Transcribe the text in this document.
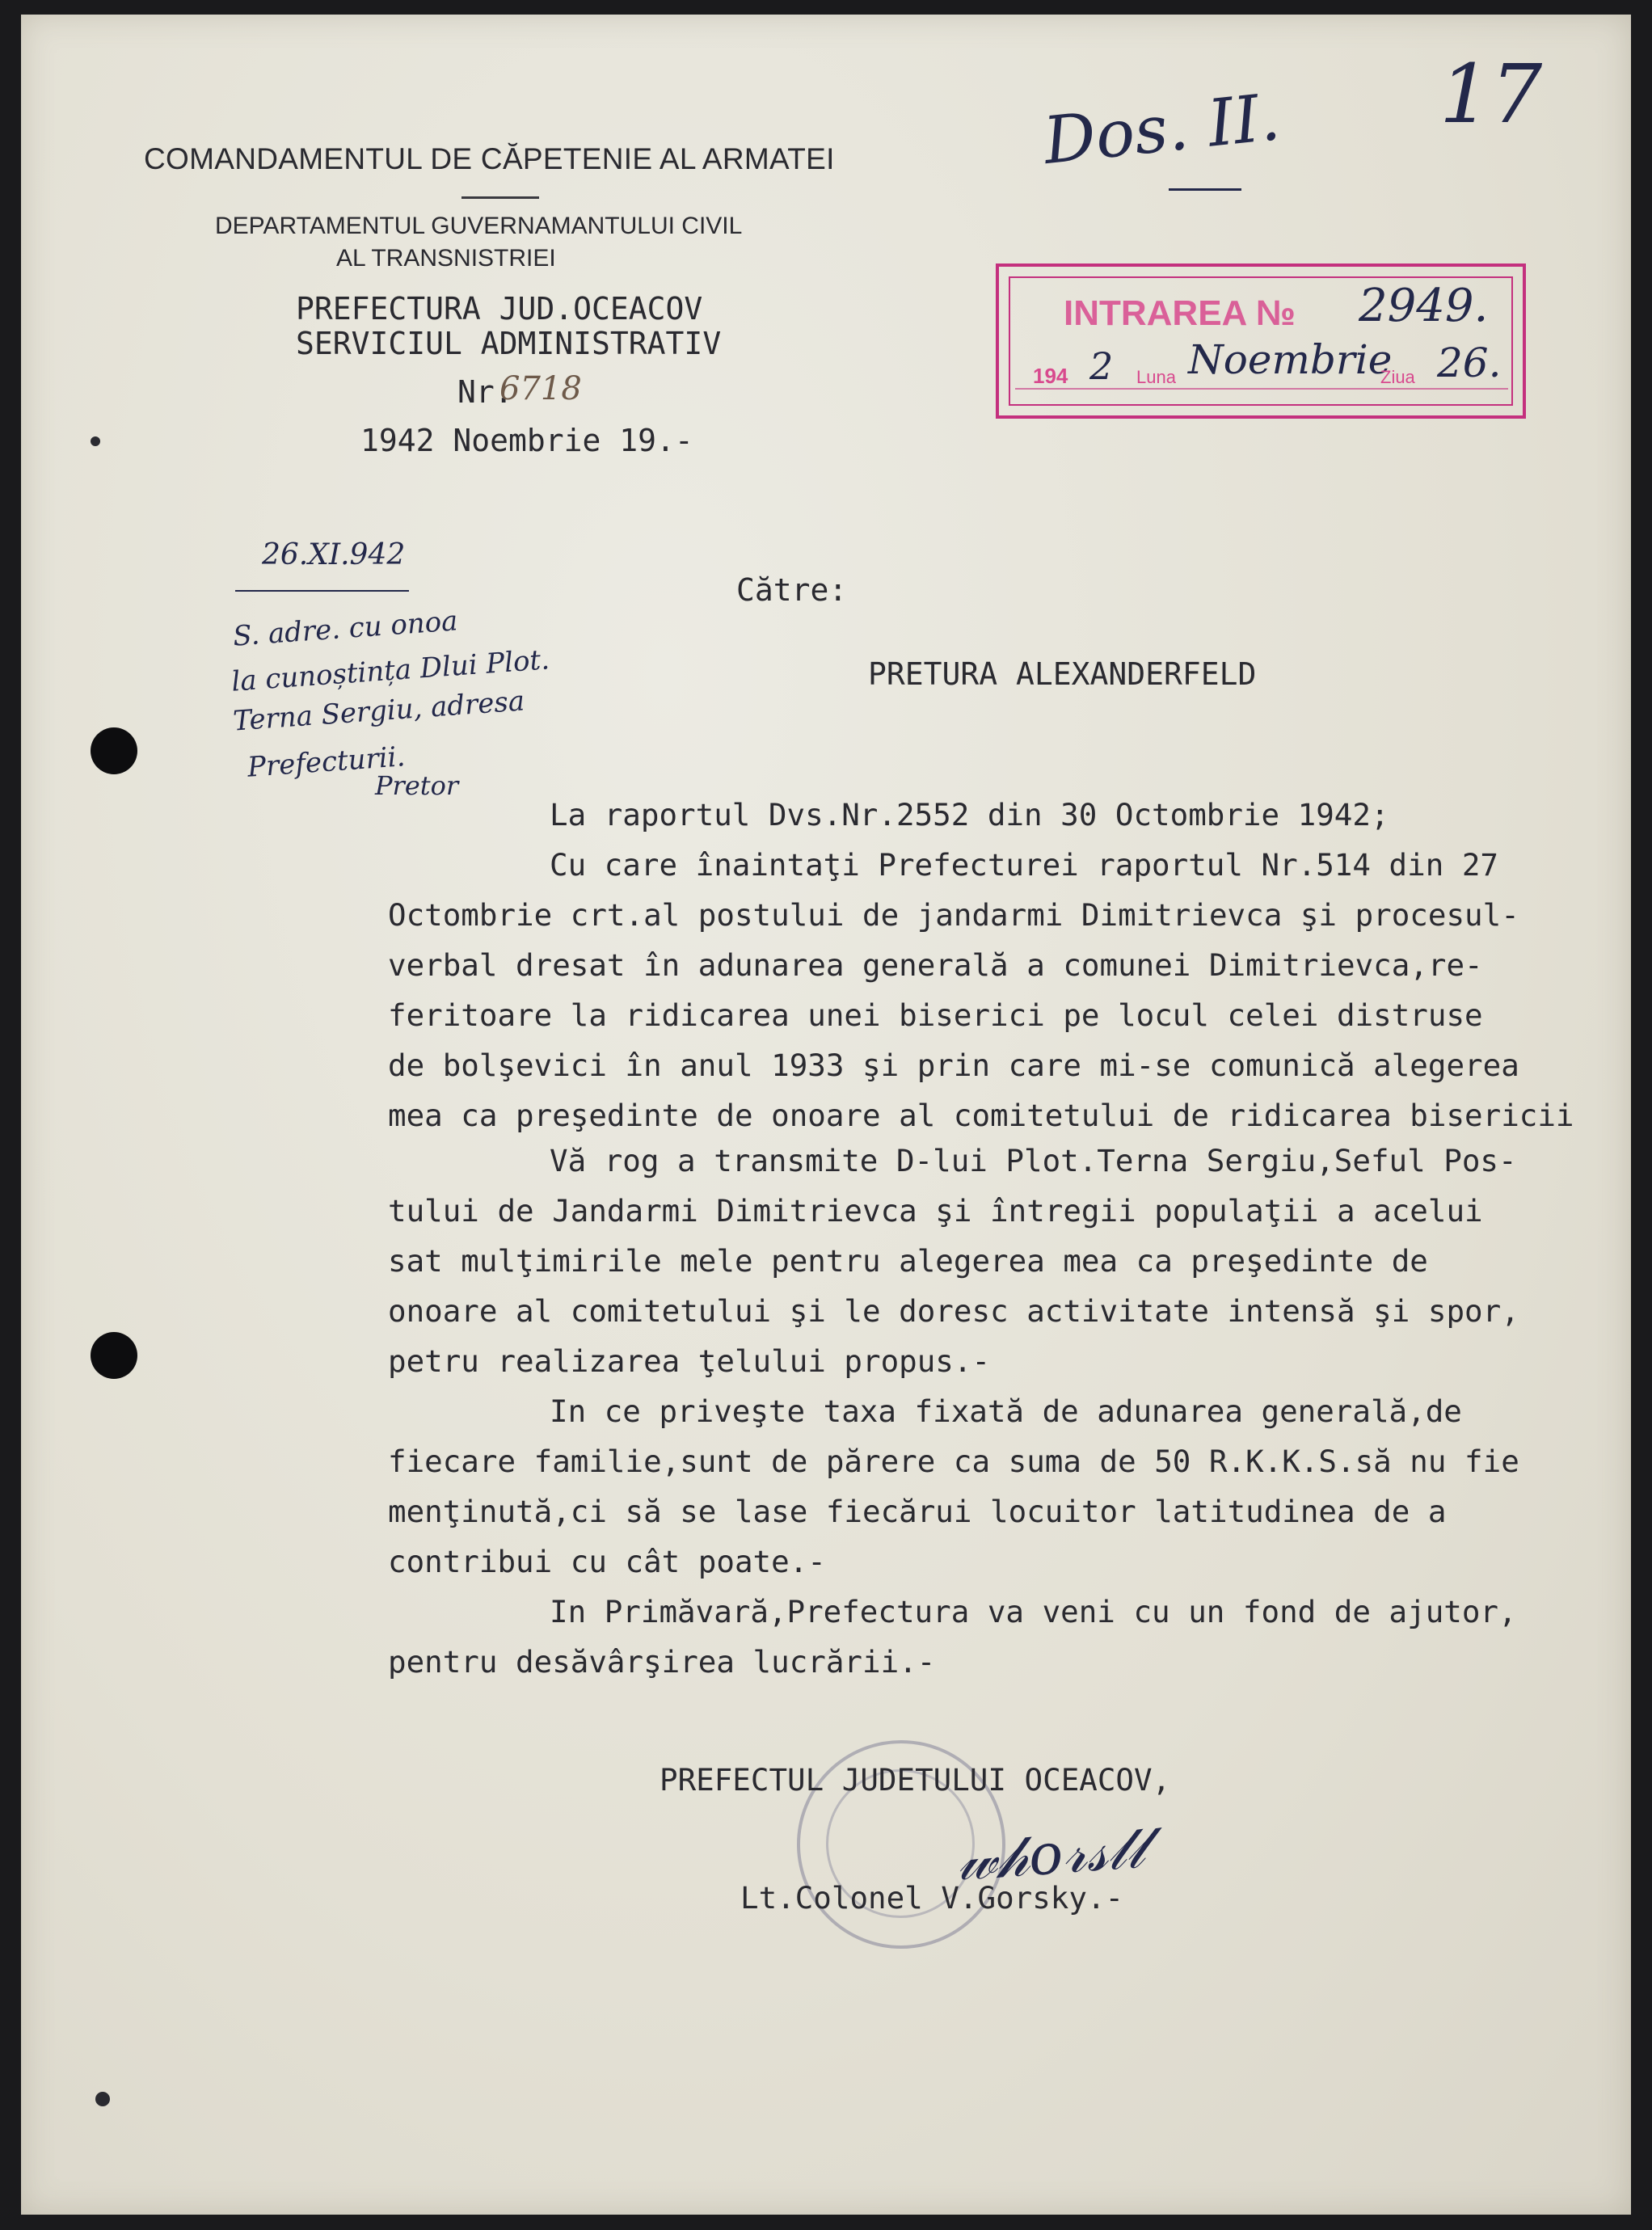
COMANDAMENTUL DE CĂPETENIE AL ARMATEI
DEPARTAMENTUL GUVERNAMANTULUI CIVIL
AL TRANSNISTRIEI
PREFECTURA JUD.OCEACOV
SERVICIUL ADMINISTRATIV
Nr.
6718
1942 Noembrie 19.-
Dos. II. 17
INTRAREA № 2949.
194 2 Luna Noembrie
Ziua 26.
26.XI.942
S. adre. cu onoa
la cunoștința Dlui Plot.
Terna Sergiu, adresa
Prefecturii.
Pretor
Către:
PRETURA ALEXANDERFELD
La raportul Dvs.Nr.2552 din 30 Octombrie 1942;
Cu care înaintaţi Prefecturei raportul Nr.514 din 27
Octombrie crt.al postului de jandarmi Dimitrievca şi procesul-
verbal dresat în adunarea generală a comunei Dimitrievca,re-
feritoare la ridicarea unei biserici pe locul celei distruse
de bolşevici în anul 1933 şi prin care mi-se comunică alegerea
mea ca preşedinte de onoare al comitetului de ridicarea bisericii
Vă rog a transmite D-lui Plot.Terna Sergiu,Seful Pos-
tului de Jandarmi Dimitrievca şi întregii populaţii a acelui
sat mulţimirile mele pentru alegerea mea ca preşedinte de
onoare al comitetului şi le doresc activitate intensă şi spor,
petru realizarea ţelului propus.-
In ce priveşte taxa fixată de adunarea generală,de
fiecare familie,sunt de părere ca suma de 50 R.K.K.S.să nu fie
menţinută,ci să se lase fiecărui locuitor latitudinea de a
contribui cu cât poate.-
In Primăvară,Prefectura va veni cu un fond de ajutor,
pentru desăvârşirea lucrării.-
PREFECTUL JUDETULUI OCEACOV,
𝓌𝒽𝑜𝓇𝓈𝓁𝓁
Lt.Colonel V.Gorsky.-
